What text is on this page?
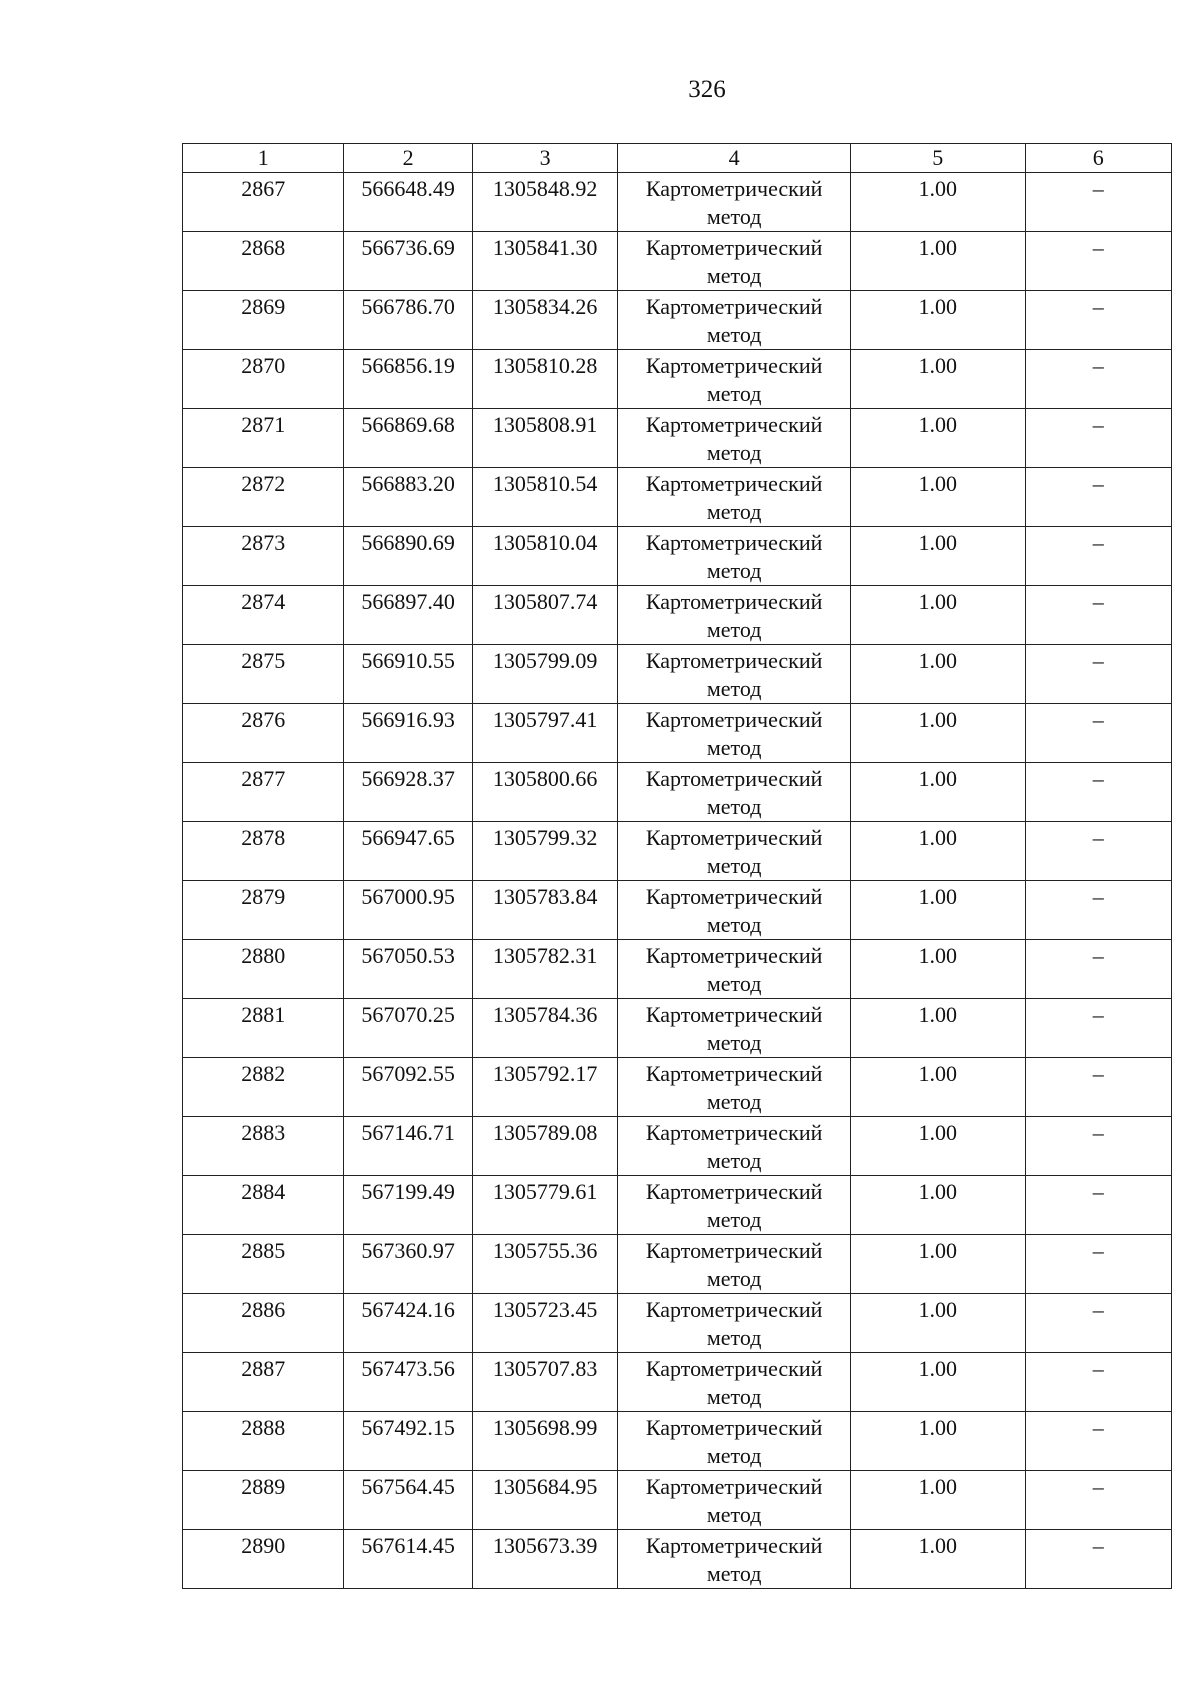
326
1	2	3	4	5	6
2867	566648.49	1305848.92	Картометрический метод	1.00	–
2868	566736.69	1305841.30	Картометрический метод	1.00	–
2869	566786.70	1305834.26	Картометрический метод	1.00	–
2870	566856.19	1305810.28	Картометрический метод	1.00	–
2871	566869.68	1305808.91	Картометрический метод	1.00	–
2872	566883.20	1305810.54	Картометрический метод	1.00	–
2873	566890.69	1305810.04	Картометрический метод	1.00	–
2874	566897.40	1305807.74	Картометрический метод	1.00	–
2875	566910.55	1305799.09	Картометрический метод	1.00	–
2876	566916.93	1305797.41	Картометрический метод	1.00	–
2877	566928.37	1305800.66	Картометрический метод	1.00	–
2878	566947.65	1305799.32	Картометрический метод	1.00	–
2879	567000.95	1305783.84	Картометрический метод	1.00	–
2880	567050.53	1305782.31	Картометрический метод	1.00	–
2881	567070.25	1305784.36	Картометрический метод	1.00	–
2882	567092.55	1305792.17	Картометрический метод	1.00	–
2883	567146.71	1305789.08	Картометрический метод	1.00	–
2884	567199.49	1305779.61	Картометрический метод	1.00	–
2885	567360.97	1305755.36	Картометрический метод	1.00	–
2886	567424.16	1305723.45	Картометрический метод	1.00	–
2887	567473.56	1305707.83	Картометрический метод	1.00	–
2888	567492.15	1305698.99	Картометрический метод	1.00	–
2889	567564.45	1305684.95	Картометрический метод	1.00	–
2890	567614.45	1305673.39	Картометрический метод	1.00	–
